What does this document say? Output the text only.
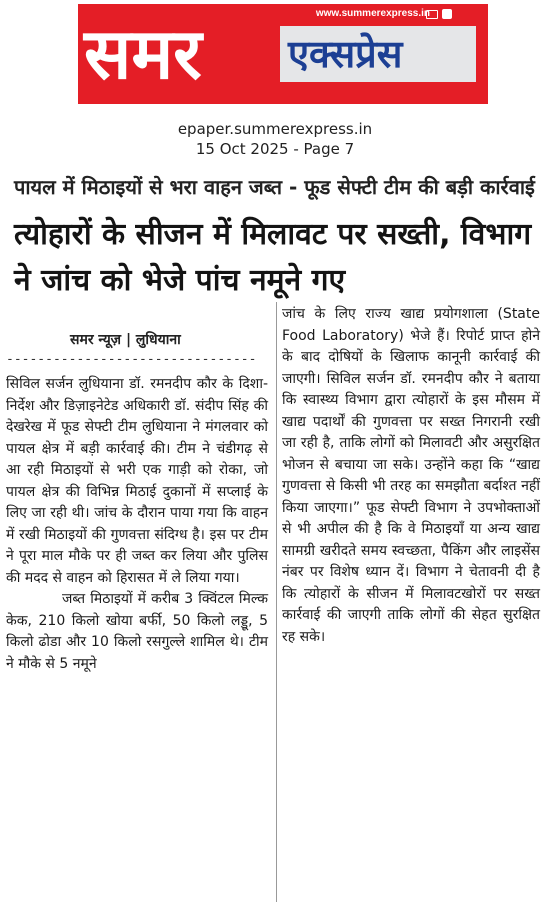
समर एक्सप्रेस
www.summerexpress.in
epaper.summerexpress.in
15 Oct 2025 - Page 7
पायल में मिठाइयों से भरा वाहन जब्त - फूड सेफ्टी टीम की बड़ी कार्रवाई
त्योहारों के सीजन में मिलावट पर सख्ती, विभाग ने जांच को भेजे पांच नमूने गए
समर न्यूज़ | लुधियाना
--------------------------------

सिविल सर्जन लुधियाना डॉ. रमनदीप कौर के दिशा-निर्देश और डिज़ाइनेटेड अधिकारी डॉ. संदीप सिंह की देखरेख में फूड सेफ्टी टीम लुधियाना ने मंगलवार को पायल क्षेत्र में बड़ी कार्रवाई की। टीम ने चंडीगढ़ से आ रही मिठाइयों से भरी एक गाड़ी को रोका, जो पायल क्षेत्र की विभिन्न मिठाई दुकानों में सप्लाई के लिए जा रही थी। जांच के दौरान पाया गया कि वाहन में रखी मिठाइयों की गुणवत्ता संदिग्ध है। इस पर टीम ने पूरा माल मौके पर ही जब्त कर लिया और पुलिस की मदद से वाहन को हिरासत में ले लिया गया।

जब्त मिठाइयों में करीब 3 क्विंटल मिल्क केक, 210 किलो खोया बर्फी, 50 किलो लड्डू, 5 किलो ढोडा और 10 किलो रसगुल्ले शामिल थे। टीम ने मौके से 5 नमूने

जांच के लिए राज्य खाद्य प्रयोगशाला (State Food Laboratory) भेजे हैं। रिपोर्ट प्राप्त होने के बाद दोषियों के खिलाफ कानूनी कार्रवाई की जाएगी। सिविल सर्जन डॉ. रमनदीप कौर ने बताया कि स्वास्थ्य विभाग द्वारा त्योहारों के इस मौसम में खाद्य पदार्थों की गुणवत्ता पर सख्त निगरानी रखी जा रही है, ताकि लोगों को मिलावटी और असुरक्षित भोजन से बचाया जा सके। उन्होंने कहा कि “खाद्य गुणवत्ता से किसी भी तरह का समझौता बर्दाश्त नहीं किया जाएगा।” फूड सेफ्टी विभाग ने उपभोक्ताओं से भी अपील की है कि वे मिठाइयाँ या अन्य खाद्य सामग्री खरीदते समय स्वच्छता, पैकिंग और लाइसेंस नंबर पर विशेष ध्यान दें। विभाग ने चेतावनी दी है कि त्योहारों के सीजन में मिलावटखोरों पर सख्त कार्रवाई की जाएगी ताकि लोगों की सेहत सुरक्षित रह सके।
